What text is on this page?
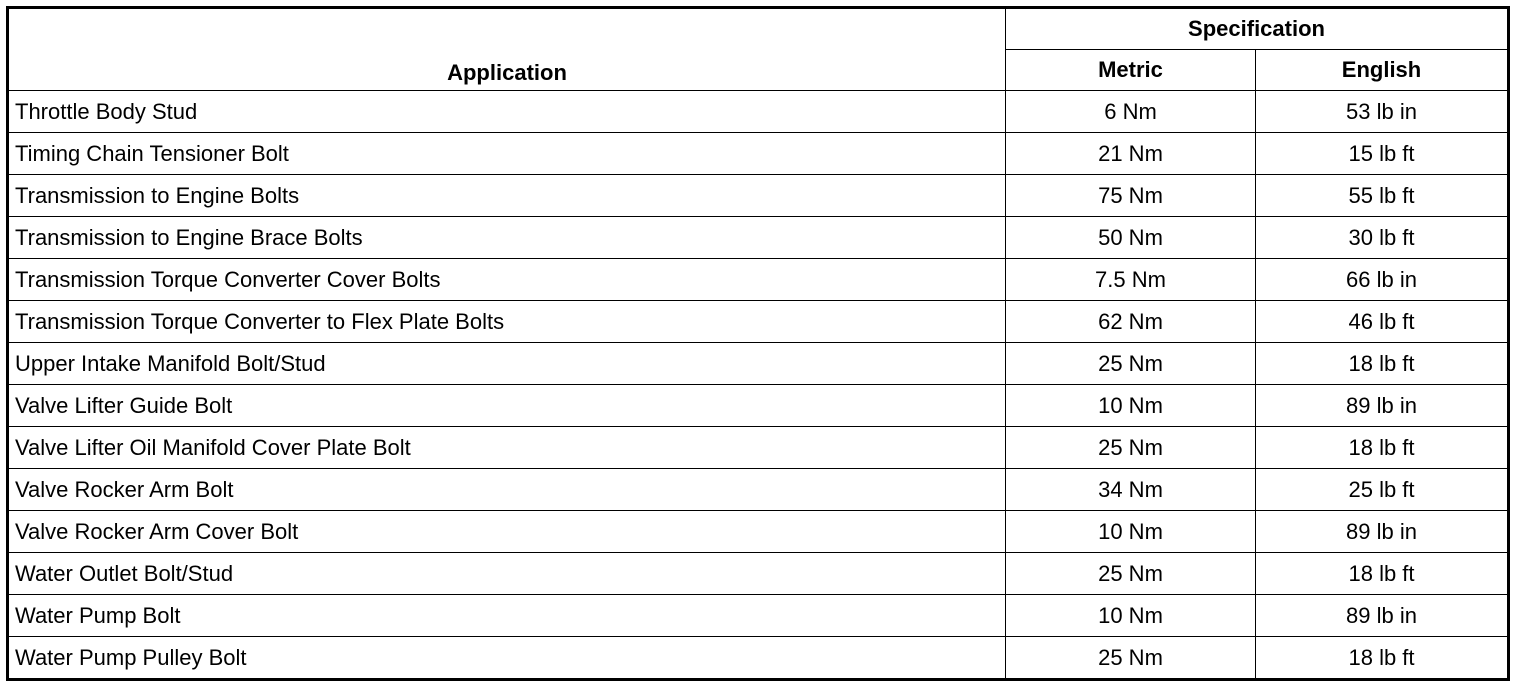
Application	Specification	
	Metric	English
Throttle Body Stud	6 Nm	53 lb in
Timing Chain Tensioner Bolt	21 Nm	15 lb ft
Transmission to Engine Bolts	75 Nm	55 lb ft
Transmission to Engine Brace Bolts	50 Nm	30 lb ft
Transmission Torque Converter Cover Bolts	7.5 Nm	66 lb in
Transmission Torque Converter to Flex Plate Bolts	62 Nm	46 lb ft
Upper Intake Manifold Bolt/Stud	25 Nm	18 lb ft
Valve Lifter Guide Bolt	10 Nm	89 lb in
Valve Lifter Oil Manifold Cover Plate Bolt	25 Nm	18 lb ft
Valve Rocker Arm Bolt	34 Nm	25 lb ft
Valve Rocker Arm Cover Bolt	10 Nm	89 lb in
Water Outlet Bolt/Stud	25 Nm	18 lb ft
Water Pump Bolt	10 Nm	89 lb in
Water Pump Pulley Bolt	25 Nm	18 lb ft
